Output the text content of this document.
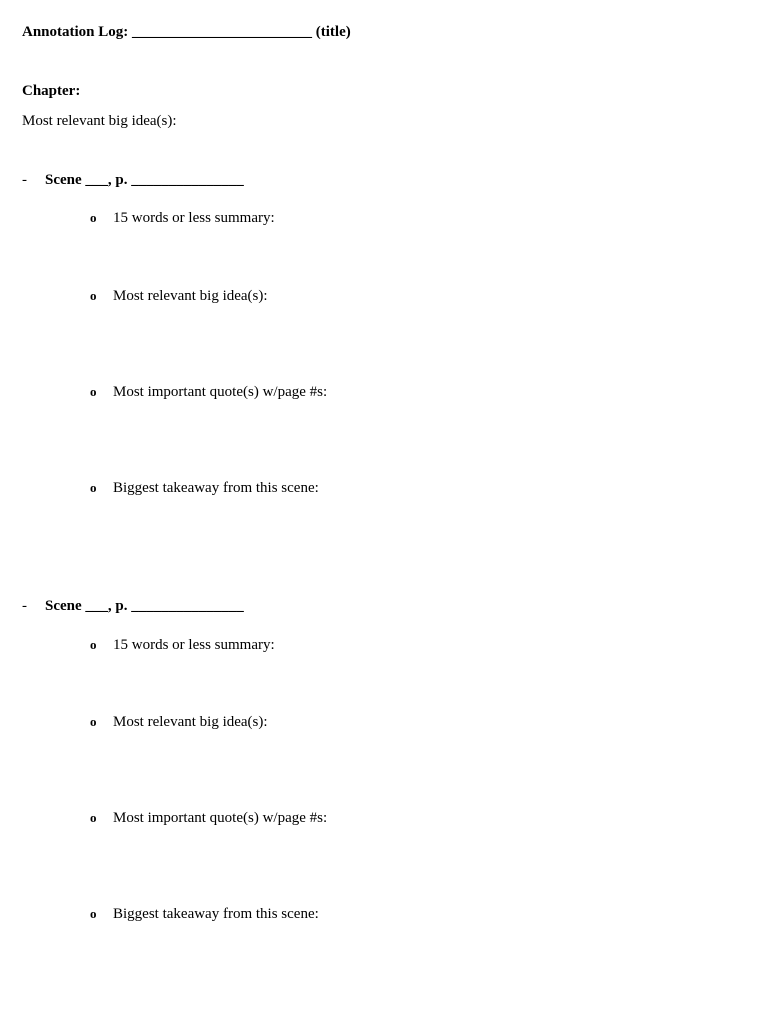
Annotation Log: ________________________ (title)
Chapter:
Most relevant big idea(s):
- Scene ___, p. _______________
o 15 words or less summary:
o Most relevant big idea(s):
o Most important quote(s) w/page #s:
o Biggest takeaway from this scene:
- Scene ___, p. _______________
o 15 words or less summary:
o Most relevant big idea(s):
o Most important quote(s) w/page #s:
o Biggest takeaway from this scene:
